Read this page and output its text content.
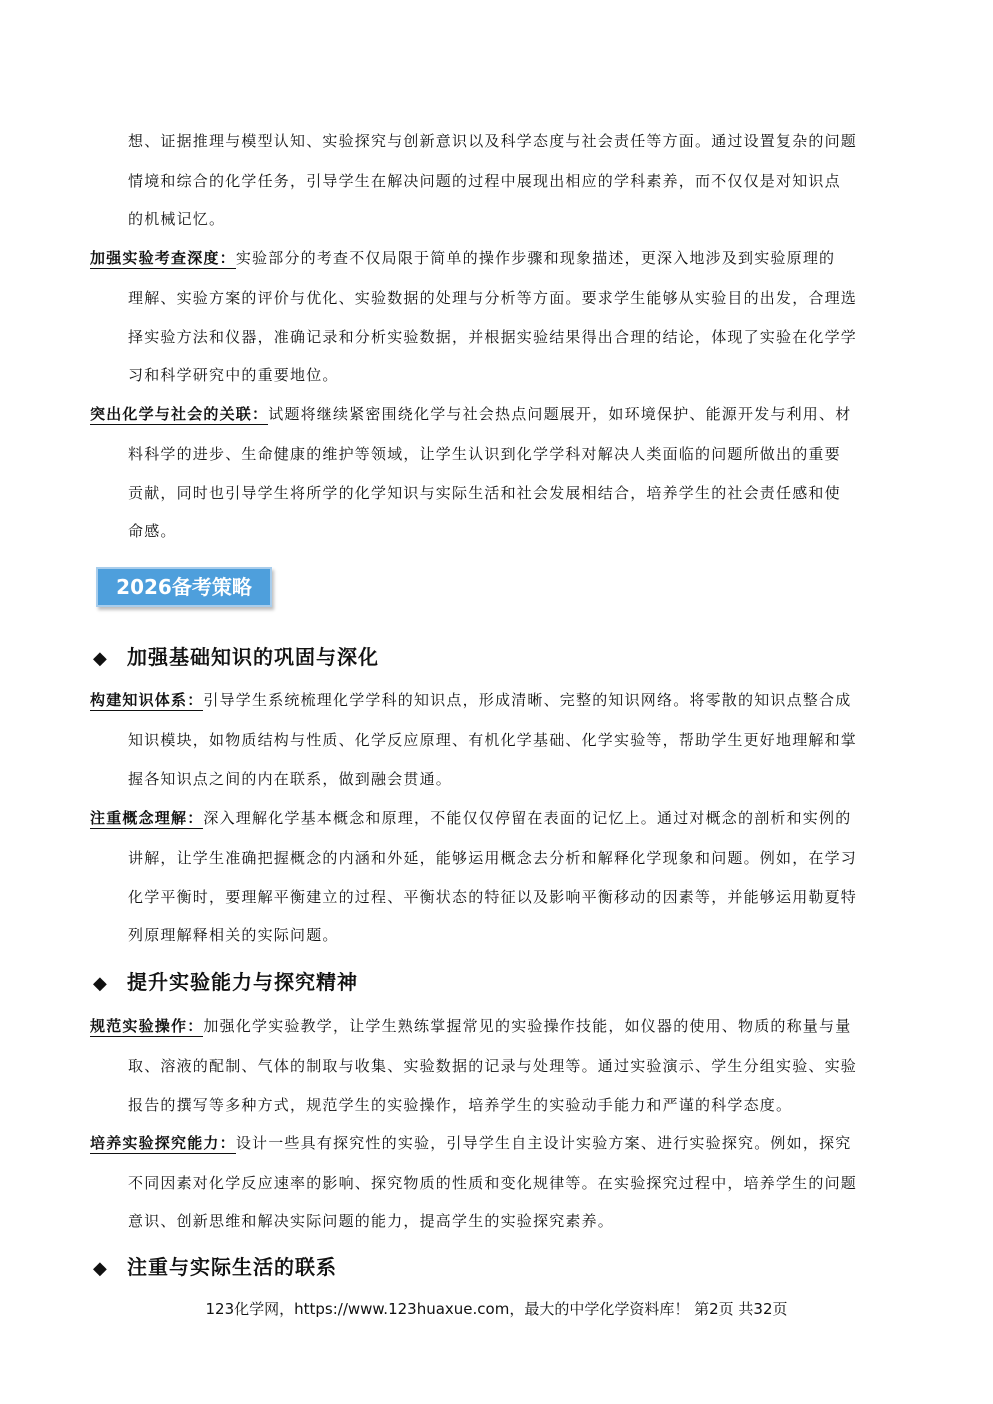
想、证据推理与模型认知、实验探究与创新意识以及科学态度与社会责任等方面。通过设置复杂的问题
情境和综合的化学任务，引导学生在解决问题的过程中展现出相应的学科素养，而不仅仅是对知识点
的机械记忆。
加强实验考查深度：实验部分的考查不仅局限于简单的操作步骤和现象描述，更深入地涉及到实验原理的
理解、实验方案的评价与优化、实验数据的处理与分析等方面。要求学生能够从实验目的出发，合理选
择实验方法和仪器，准确记录和分析实验数据，并根据实验结果得出合理的结论，体现了实验在化学学
习和科学研究中的重要地位。
突出化学与社会的关联：试题将继续紧密围绕化学与社会热点问题展开，如环境保护、能源开发与利用、材
料科学的进步、生命健康的维护等领域，让学生认识到化学学科对解决人类面临的问题所做出的重要
贡献，同时也引导学生将所学的化学知识与实际生活和社会发展相结合，培养学生的社会责任感和使
命感。
2026备考策略
◆ 加强基础知识的巩固与深化
构建知识体系：引导学生系统梳理化学学科的知识点，形成清晰、完整的知识网络。将零散的知识点整合成
知识模块，如物质结构与性质、化学反应原理、有机化学基础、化学实验等，帮助学生更好地理解和掌
握各知识点之间的内在联系，做到融会贯通。
注重概念理解：深入理解化学基本概念和原理，不能仅仅停留在表面的记忆上。通过对概念的剖析和实例的
讲解，让学生准确把握概念的内涵和外延，能够运用概念去分析和解释化学现象和问题。例如，在学习
化学平衡时，要理解平衡建立的过程、平衡状态的特征以及影响平衡移动的因素等，并能够运用勒夏特
列原理解释相关的实际问题。
◆ 提升实验能力与探究精神
规范实验操作：加强化学实验教学，让学生熟练掌握常见的实验操作技能，如仪器的使用、物质的称量与量
取、溶液的配制、气体的制取与收集、实验数据的记录与处理等。通过实验演示、学生分组实验、实验
报告的撰写等多种方式，规范学生的实验操作，培养学生的实验动手能力和严谨的科学态度。
培养实验探究能力：设计一些具有探究性的实验，引导学生自主设计实验方案、进行实验探究。例如，探究
不同因素对化学反应速率的影响、探究物质的性质和变化规律等。在实验探究过程中，培养学生的问题
意识、创新思维和解决实际问题的能力，提高学生的实验探究素养。
◆ 注重与实际生活的联系
123化学网，https://www.123huaxue.com，最大的中学化学资料库！ 第2页 共32页
